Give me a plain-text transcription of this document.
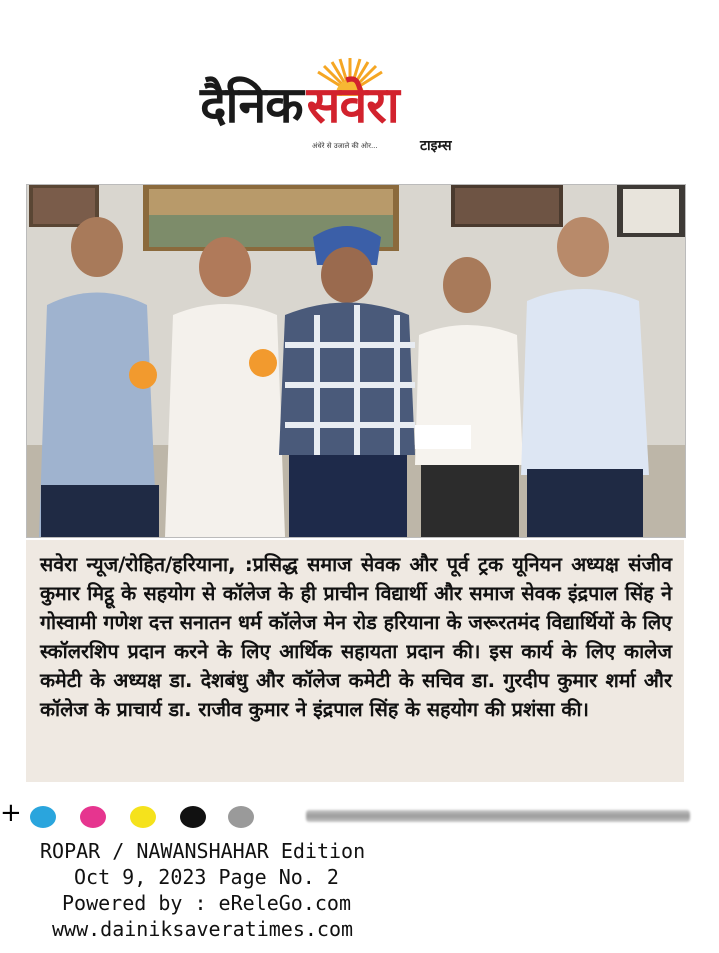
दैनिकसवेरा
अंधेरे से उजाले की ओर...	टाइम्स

सवेरा न्यूज/रोहित/हरियाना, :प्रसिद्ध समाज सेवक और पूर्व ट्रक यूनियन अध्यक्ष संजीव कुमार मिट्ठू के सहयोग से कॉलेज के ही प्राचीन विद्यार्थी और समाज सेवक इंद्रपाल सिंह ने गोस्वामी गणेश दत्त सनातन धर्म कॉलेज मेन रोड हरियाना के जरूरतमंद विद्यार्थियों के लिए स्कॉलरशिप प्रदान करने के लिए आर्थिक सहायता प्रदान की। इस कार्य के लिए कालेज कमेटी के अध्यक्ष डा. देशबंधु और कॉलेज कमेटी के सचिव डा. गुरदीप कुमार शर्मा और कॉलेज के प्राचार्य डा. राजीव कुमार ने इंद्रपाल सिंह के सहयोग की प्रशंसा की।

+
ROPAR / NAWANSHAHAR Edition
Oct 9, 2023 Page No. 2
Powered by : eReleGo.com
www.dainiksaveratimes.com
